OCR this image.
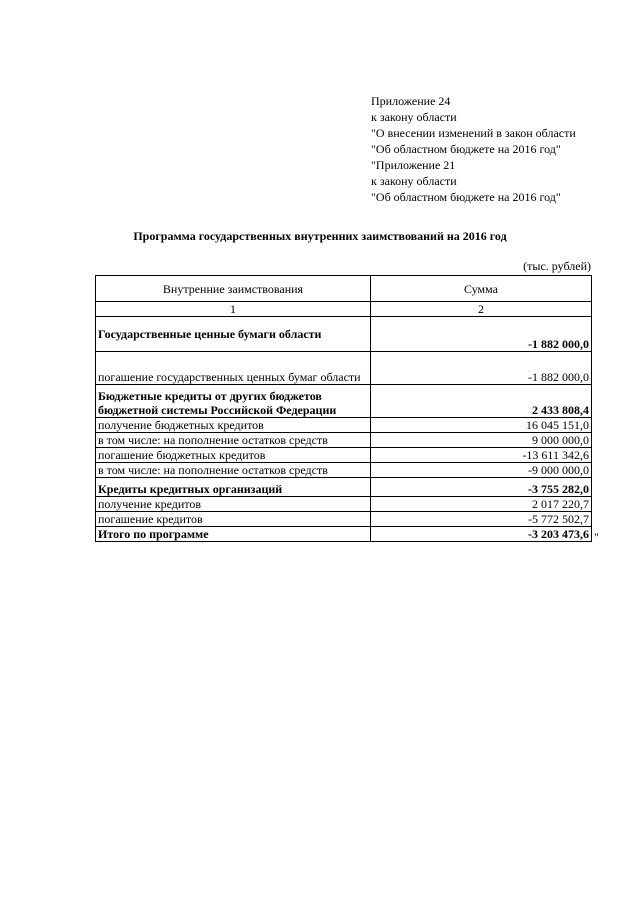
Приложение 24
к закону области
"О внесении изменений в закон области
"Об областном бюджете на 2016 год"
"Приложение 21
к закону области
"Об областном бюджете на 2016 год"
Программа государственных внутренних заимствований на 2016 год
(тыс. рублей)
Внутренние заимствования	Сумма
1	2
Государственные ценные бумаги области	-1 882 000,0
погашение государственных ценных бумаг области	-1 882 000,0
Бюджетные кредиты от других бюджетов бюджетной системы Российской Федерации	2 433 808,4
получение бюджетных кредитов	16 045 151,0
в том числе: на пополнение остатков средств	9 000 000,0
погашение бюджетных кредитов	-13 611 342,6
в том числе: на пополнение остатков средств	-9 000 000,0
Кредиты кредитных организаций	-3 755 282,0
получение кредитов	2 017 220,7
погашение кредитов	-5 772 502,7
Итого по программе	-3 203 473,6 "
